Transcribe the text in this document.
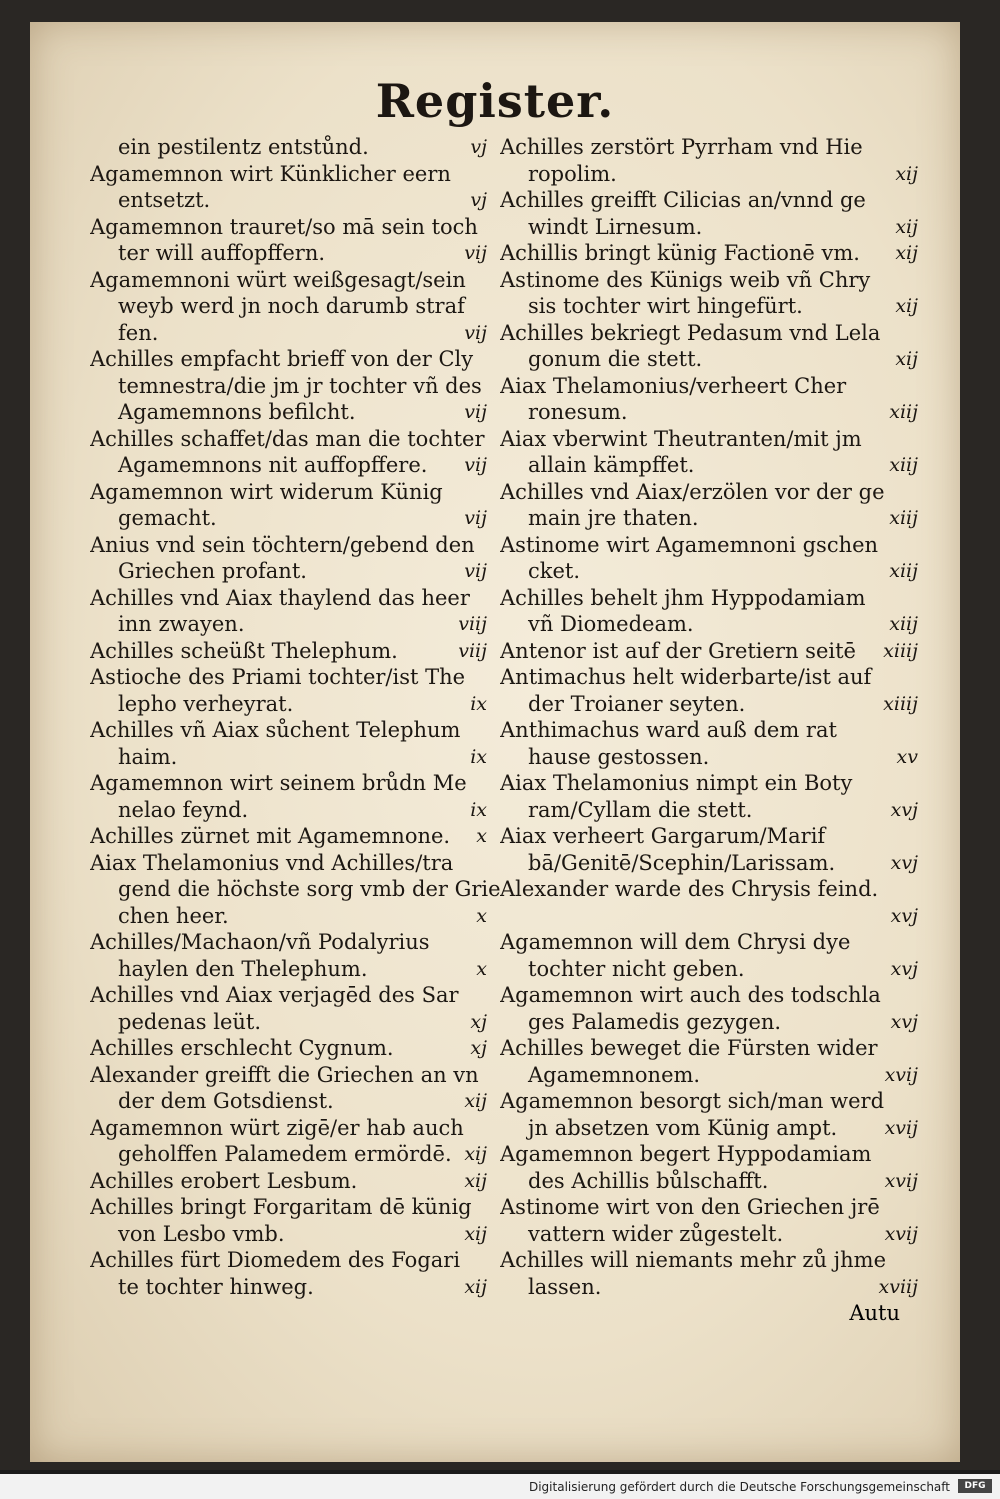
Register.
ein pestilentz entstůnd.	vj
Agamemnon wirt Künklicher eern
entsetzt.	vj
Agamemnon trauret/so mā sein toch
ter will auffopffern.	vij
Agamemnoni würt weißgesagt/sein
weyb werd jn noch darumb straf
fen.	vij
Achilles empfacht brieff von der Cly
temnestra/die jm jr tochter vñ des
Agamemnons befilcht.	vij
Achilles schaffet/das man die tochter
Agamemnons nit auffopffere.	vij
Agamemnon wirt widerum Künig
gemacht.	vij
Anius vnd sein töchtern/gebend den
Griechen profant.	vij
Achilles vnd Aiax thaylend das heer
inn zwayen.	viij
Achilles scheüßt Thelephum.	viij
Astioche des Priami tochter/ist The
lepho verheyrat.	ix
Achilles vñ Aiax sůchent Telephum
haim.	ix
Agamemnon wirt seinem brůdn Me
nelao feynd.	ix
Achilles zürnet mit Agamemnone.	x
Aiax Thelamonius vnd Achilles/tra
gend die höchste sorg vmb der Grie
chen heer.	x
Achilles/Machaon/vñ Podalyrius
haylen den Thelephum.	x
Achilles vnd Aiax verjagēd des Sar
pedenas leüt.	xj
Achilles erschlecht Cygnum.	xj
Alexander greifft die Griechen an vn
der dem Gotsdienst.	xij
Agamemnon würt zigē/er hab auch
geholffen Palamedem ermördē. xij
Achilles erobert Lesbum.	xij
Achilles bringt Forgaritam dē künig
von Lesbo vmb.	xij
Achilles fürt Diomedem des Fogari
te tochter hinweg.	xij
Achilles zerstört Pyrrham vnd Hie
ropolim.	xij
Achilles greifft Cilicias an/vnnd ge
windt Lirnesum.	xij
Achillis bringt künig Factionē vm.	xij
Astinome des Künigs weib vñ Chry
sis tochter wirt hingefürt.	xij
Achilles bekriegt Pedasum vnd Lela
gonum die stett.	xij
Aiax Thelamonius/verheert Cher
ronesum.	xiij
Aiax vberwint Theutranten/mit jm
allain kämpffet.	xiij
Achilles vnd Aiax/erzölen vor der ge
main jre thaten.	xiij
Astinome wirt Agamemnoni gschen
cket.	xiij
Achilles behelt jhm Hyppodamiam
vñ Diomedeam.	xiij
Antenor ist auf der Gretiern seitē	xiiij
Antimachus helt widerbarte/ist auf
der Troianer seyten.	xiiij
Anthimachus ward auß dem rat
hause gestossen.	xv
Aiax Thelamonius nimpt ein Boty
ram/Cyllam die stett.	xvj
Aiax verheert Gargarum/Marif
bā/Genitē/Scephin/Larissam.	xvj
Alexander warde des Chrysis feind.
xvj
Agamemnon will dem Chrysi dye
tochter nicht geben.	xvj
Agamemnon wirt auch des todschla
ges Palamedis gezygen.	xvj
Achilles beweget die Fürsten wider
Agamemnonem.	xvij
Agamemnon besorgt sich/man werd
jn absetzen vom Künig ampt.	xvij
Agamemnon begert Hyppodamiam
des Achillis bůlschafft.	xvij
Astinome wirt von den Griechen jrē
vattern wider zůgestelt.	xvij
Achilles will niemants mehr zů jhme
lassen.	xviij
Autu
Digitalisierung gefördert durch die Deutsche Forschungsgemeinschaft	DFG
